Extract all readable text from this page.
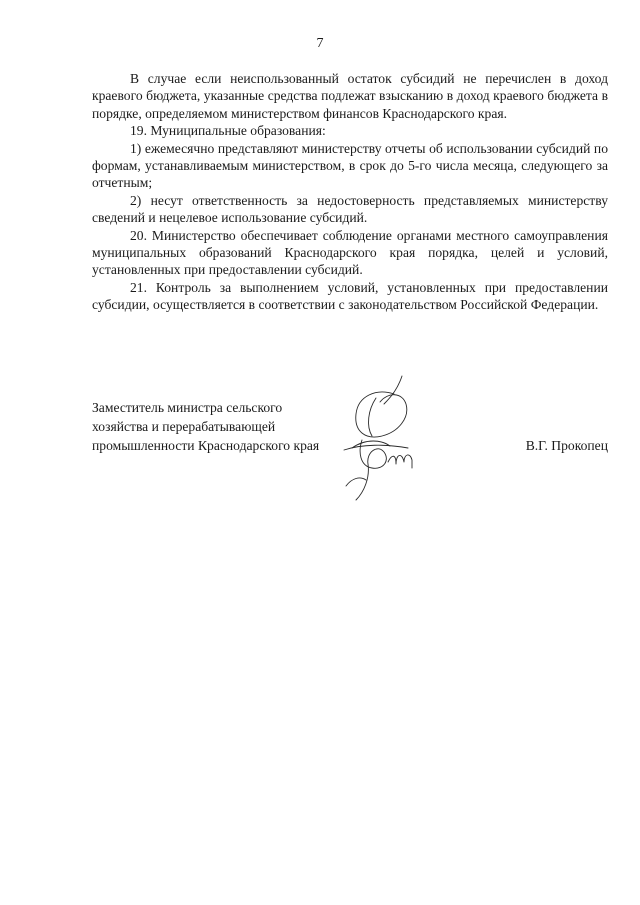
7

В случае если неиспользованный остаток субсидий не перечислен в доход краевого бюджета, указанные средства подлежат взысканию в доход краевого бюджета в порядке, определяемом министерством финансов Краснодарского края.

19. Муниципальные образования:

1) ежемесячно представляют министерству отчеты об использовании субсидий по формам, устанавливаемым министерством, в срок до 5-го числа месяца, следующего за отчетным;

2) несут ответственность за недостоверность представляемых министерству сведений и нецелевое использование субсидий.

20. Министерство обеспечивает соблюдение органами местного самоуправления муниципальных образований Краснодарского края порядка, целей и условий, установленных при предоставлении субсидий.

21. Контроль за выполнением условий, установленных при предоставлении субсидии, осуществляется в соответствии с законодательством Российской Федерации.

Заместитель министра сельского
хозяйства и перерабатывающей
промышленности Краснодарского края	В.Г. Прокопец
